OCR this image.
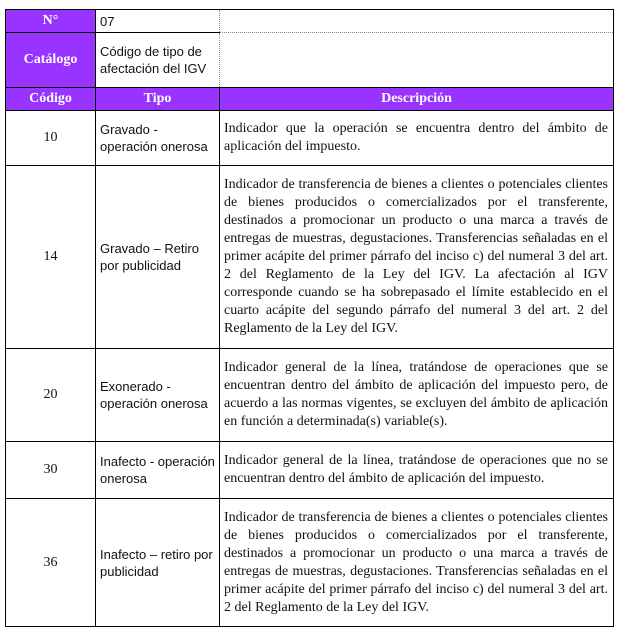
N°	07	
Catálogo	Código de tipo de afectación del IGV	
Código	Tipo	Descripción
10	Gravado - operación onerosa	Indicador que la operación se encuentra dentro del ámbito de aplicación del impuesto.
14	Gravado – Retiro por publicidad	Indicador de transferencia de bienes a clientes o potenciales clientes de bienes producidos o comercializados por el transferente, destinados a promocionar un producto o una marca a través de entregas de muestras, degustaciones. Transferencias señaladas en el primer acápite del primer párrafo del inciso c) del numeral 3 del art. 2 del Reglamento de la Ley del IGV. La afectación al IGV corresponde cuando se ha sobrepasado el límite establecido en el cuarto acápite del segundo párrafo del numeral 3 del art. 2 del Reglamento de la Ley del IGV.
20	Exonerado - operación onerosa	Indicador general de la línea, tratándose de operaciones que se encuentran dentro del ámbito de aplicación del impuesto pero, de acuerdo a las normas vigentes, se excluyen del ámbito de aplicación en función a determinada(s) variable(s).
30	Inafecto - operación onerosa	Indicador general de la línea, tratándose de operaciones que no se encuentran dentro del ámbito de aplicación del impuesto.
36	Inafecto – retiro por publicidad	Indicador de transferencia de bienes a clientes o potenciales clientes de bienes producidos o comercializados por el transferente, destinados a promocionar un producto o una marca a través de entregas de muestras, degustaciones. Transferencias señaladas en el primer acápite del primer párrafo del inciso c) del numeral 3 del art. 2 del Reglamento de la Ley del IGV.
